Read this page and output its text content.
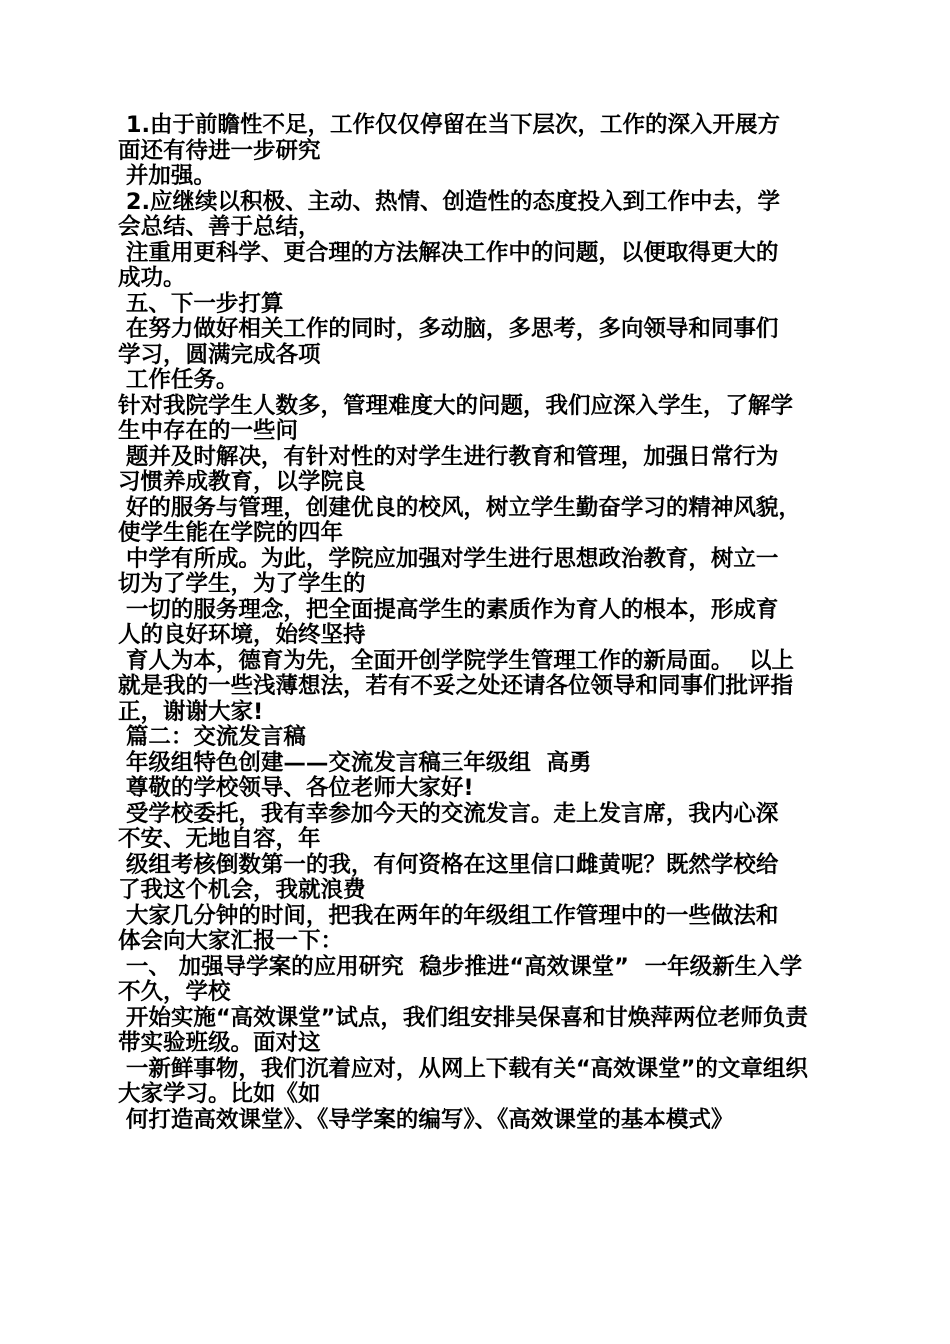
1.由于前瞻性不足，工作仅仅停留在当下层次，工作的深入开展方
面还有待进一步研究
并加强。
2.应继续以积极、主动、热情、创造性的态度投入到工作中去，学
会总结、善于总结，
注重用更科学、更合理的方法解决工作中的问题，以便取得更大的
成功。
五、下一步打算
在努力做好相关工作的同时，多动脑，多思考，多向领导和同事们
学习，圆满完成各项
工作任务。
针对我院学生人数多，管理难度大的问题，我们应深入学生，了解学
生中存在的一些问
题并及时解决，有针对性的对学生进行教育和管理，加强日常行为
习惯养成教育，以学院良
好的服务与管理，创建优良的校风，树立学生勤奋学习的精神风貌，
使学生能在学院的四年
中学有所成。为此，学院应加强对学生进行思想政治教育，树立一
切为了学生，为了学生的
一切的服务理念，把全面提高学生的素质作为育人的根本，形成育
人的良好环境，始终坚持
育人为本，德育为先，全面开创学院学生管理工作的新局面。  以上
就是我的一些浅薄想法，若有不妥之处还请各位领导和同事们批评指
正，谢谢大家!
篇二：交流发言稿
年级组特色创建——交流发言稿三年级组  高勇
尊敬的学校领导、各位老师大家好!
受学校委托，我有幸参加今天的交流发言。走上发言席，我内心深
不安、无地自容，年
级组考核倒数第一的我，有何资格在这里信口雌黄呢？既然学校给
了我这个机会，我就浪费
大家几分钟的时间，把我在两年的年级组工作管理中的一些做法和
体会向大家汇报一下：
一、 加强导学案的应用研究  稳步推进“高效课堂”  一年级新生入学
不久，学校
开始实施“高效课堂”试点，我们组安排吴保喜和甘焕萍两位老师负责
带实验班级。面对这
一新鲜事物，我们沉着应对，从网上下载有关“高效课堂”的文章组织
大家学习。比如《如
何打造高效课堂》、《导学案的编写》、《高效课堂的基本模式》
